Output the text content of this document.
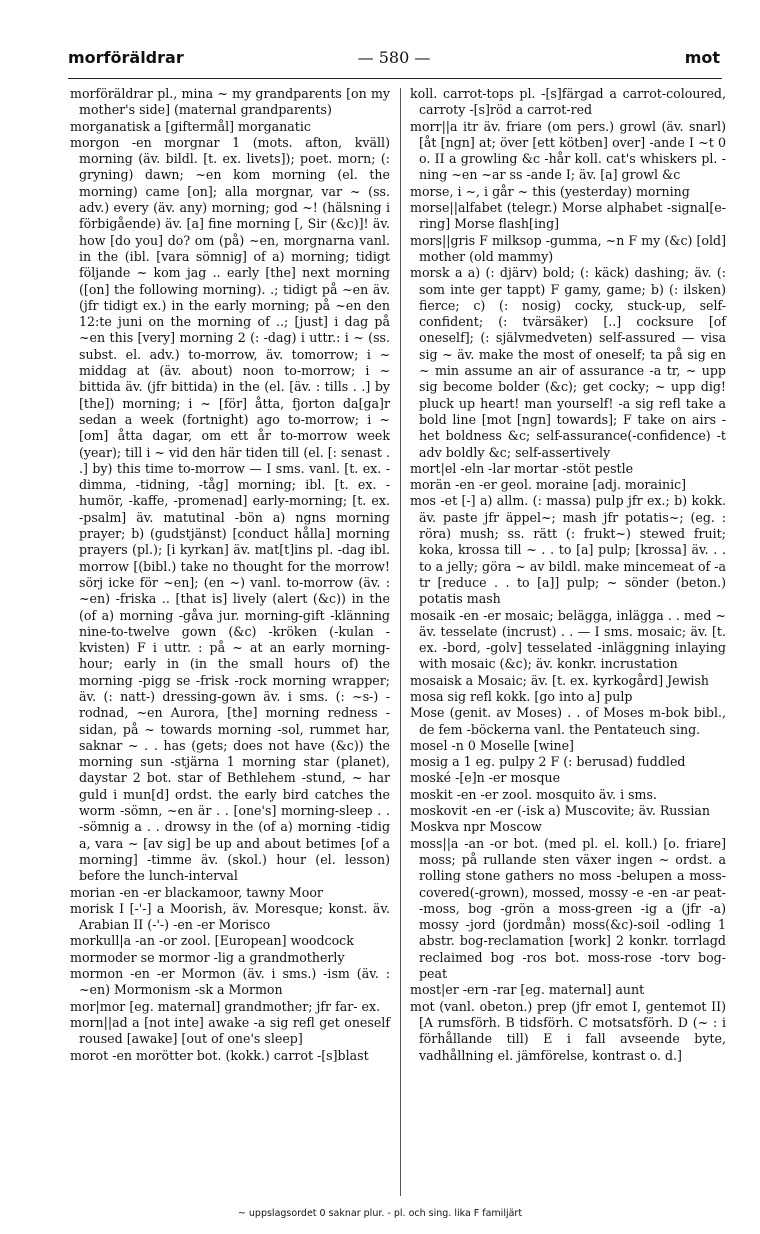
morföräldrar	— 580 —	mot

morföräldrar pl., mina ~ my grandparents [on my mother's side] (maternal grandparents)

morganatisk a [giftermål] morganatic

morgon -en morgnar 1 (mots. afton, kväll) morning (äv. bildl. [t. ex. livets]); poet. morn; (: gryning) dawn; ~en kom morning (el. the morning) came [on]; alla morgnar, var ~ (ss. adv.) every (äv. any) morning; god ~! (hälsning i förbigående) äv. [a] fine morning [, Sir (&c)]! äv. how [do you] do? om (på) ~en, morgnarna vanl. in the (ibl. [vara sömnig] of a) morning; tidigt följande ~ kom jag .. early [the] next morning ([on] the following morning). .; tidigt på ~en äv. (jfr tidigt ex.) in the early morning; på ~en den 12:te juni on the morning of ..; [just] i dag på ~en this [very] morning 2 (: -dag) i uttr.: i ~ (ss. subst. el. adv.) to-morrow, äv. tomorrow; i ~ middag at (äv. about) noon to-morrow; i ~ bittida äv. (jfr bittida) in the (el. [äv. : tills . .] by [the]) morning; i ~ [för] åtta, fjorton da[ga]r sedan a week (fortnight) ago to-morrow; i ~ [om] åtta dagar, om ett år to-morrow week (year); till i ~ vid den här tiden till (el. [: senast . .] by) this time to-morrow — I sms. vanl. [t. ex. -dimma, -tidning, -tåg] morning; ibl. [t. ex. -humör, -kaffe, -promenad] early-morning; [t. ex. -psalm] äv. matutinal -bön a) ngns morning prayer; b) (gudstjänst) [conduct hålla] morning prayers (pl.); [i kyrkan] äv. mat[t]ins pl. -dag ibl. morrow [(bibl.) take no thought for the morrow! sörj icke för ~en]; (en ~) vanl. to-morrow (äv. : ~en) -friska .. [that is] lively (alert (&c)) in the (of a) morning -gåva jur. morning-gift -klänning nine-to-twelve gown (&c) -kröken (-kulan -kvisten) F i uttr. : på ~ at an early morning-hour; early in (in the small hours of) the morning -pigg se -frisk -rock morning wrapper; äv. (: natt-) dressing-gown äv. i sms. (: ~s-) -rodnad, ~en Aurora, [the] morning redness -sidan, på ~ towards morning -sol, rummet har, saknar ~ . . has (gets; does not have (&c)) the morning sun -stjärna 1 morning star (planet), daystar 2 bot. star of Bethlehem -stund, ~ har guld i mun[d] ordst. the early bird catches the worm -sömn, ~en är . . [one's] morning-sleep . . -sömnig a . . drowsy in the (of a) morning -tidig a, vara ~ [av sig] be up and about betimes [of a morning] -timme äv. (skol.) hour (el. lesson) before the lunch-interval

morian -en -er blackamoor, tawny Moor

morisk I [-'-] a Moorish, äv. Moresque; konst. äv. Arabian II (-'-) -en -er Morisco

morkull|a -an -or zool. [European] woodcock

mormoder se mormor -lig a grandmotherly

mormon -en -er Mormon (äv. i sms.) -ism (äv. : ~en) Mormonism -sk a Mormon

mor|mor [eg. maternal] grandmother; jfr far- ex.

morn||ad a [not inte] awake -a sig refl get oneself roused [awake] [out of one's sleep]

morot -en morötter bot. (kokk.) carrot -[s]blast

koll. carrot-tops pl. -[s]färgad a carrot-coloured, carroty -[s]röd a carrot-red

morr||a itr äv. friare (om pers.) growl (äv. snarl) [åt [ngn] at; över [ett kötben] over] -ande I ~t 0 o. II a growling &c -hår koll. cat's whiskers pl. -ning ~en ~ar ss -ande I; äv. [a] growl &c

morse, i ~, i går ~ this (yesterday) morning

morse||alfabet (telegr.) Morse alphabet -signal[e-ring] Morse flash[ing]

mors||gris F milksop -gumma, ~n F my (&c) [old] mother (old mammy)

morsk a a) (: djärv) bold; (: käck) dashing; äv. (: som inte ger tappt) F gamy, game; b) (: ilsken) fierce; c) (: nosig) cocky, stuck-up, self-confident; (: tvärsäker) [..] cocksure [of oneself]; (: självmedveten) self-assured — visa sig ~ äv. make the most of oneself; ta på sig en ~ min assume an air of assurance -a tr, ~ upp sig become bolder (&c); get cocky; ~ upp dig! pluck up heart! man yourself! -a sig refl take a bold line [mot [ngn] towards]; F take on airs -het boldness &c; self-assurance(-confidence) -t adv boldly &c; self-assertively

mort|el -eln -lar mortar -stöt pestle

morän -en -er geol. moraine [adj. morainic]

mos -et [-] a) allm. (: massa) pulp jfr ex.; b) kokk. äv. paste jfr äppel~; mash jfr potatis~; (eg. : röra) mush; ss. rätt (: frukt~) stewed fruit; koka, krossa till ~ . . to [a] pulp; [krossa] äv. . . to a jelly; göra ~ av bildl. make mincemeat of -a tr [reduce . . to [a]] pulp; ~ sönder (beton.) potatis mash

mosaik -en -er mosaic; belägga, inlägga . . med ~ äv. tesselate (incrust) . . — I sms. mosaic; äv. [t. ex. -bord, -golv] tesselated -inläggning inlaying with mosaic (&c); äv. konkr. incrustation

mosaisk a Mosaic; äv. [t. ex. kyrkogård] Jewish

mosa sig refl kokk. [go into a] pulp

Mose (genit. av Moses) . . of Moses m-bok bibl., de fem -böckerna vanl. the Pentateuch sing.

mosel -n 0 Moselle [wine]

mosig a 1 eg. pulpy 2 F (: berusad) fuddled

moské -[e]n -er mosque

moskit -en -er zool. mosquito äv. i sms.

moskovit -en -er (-isk a) Muscovite; äv. Russian

Moskva npr Moscow

moss||a -an -or bot. (med pl. el. koll.) [o. friare] moss; på rullande sten växer ingen ~ ordst. a rolling stone gathers no moss -belupen a moss-covered(-grown), mossed, mossy -e -en -ar peat--moss, bog -grön a moss-green -ig a (jfr -a) mossy -jord (jordmån) moss(&c)-soil -odling 1 abstr. bog-reclamation [work] 2 konkr. torrlagd reclaimed bog -ros bot. moss-rose -torv bog-peat

most|er -ern -rar [eg. maternal] aunt

mot (vanl. obeton.) prep (jfr emot I, gentemot II) [A rumsförh. B tidsförh. C motsatsförh. D (~ : i förhållande till) E i fall avseende byte, vadhållning el. jämförelse, kontrast o. d.]

~ uppslagsordet 0 saknar plur. - pl. och sing. lika F familjärt
